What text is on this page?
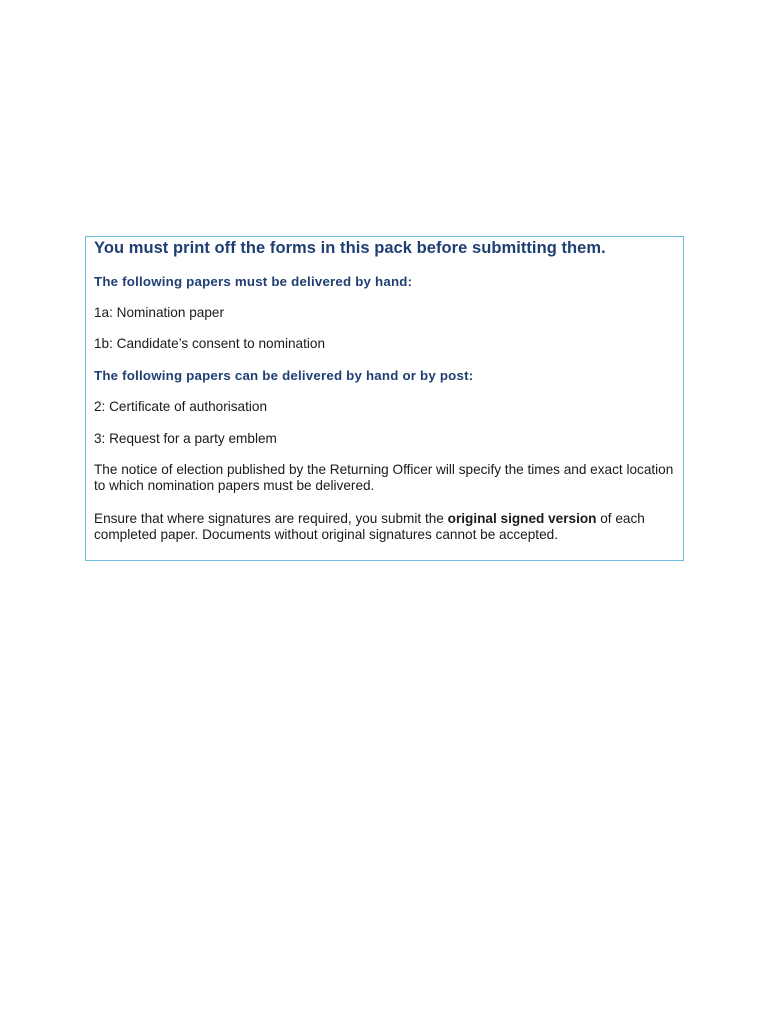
You must print off the forms in this pack before submitting them.
The following papers must be delivered by hand:

1a: Nomination paper

1b: Candidate’s consent to nomination

The following papers can be delivered by hand or by post:

2: Certificate of authorisation

3: Request for a party emblem

The notice of election published by the Returning Officer will specify the times and exact location to which nomination papers must be delivered.

Ensure that where signatures are required, you submit the original signed version of each completed paper. Documents without original signatures cannot be accepted.
